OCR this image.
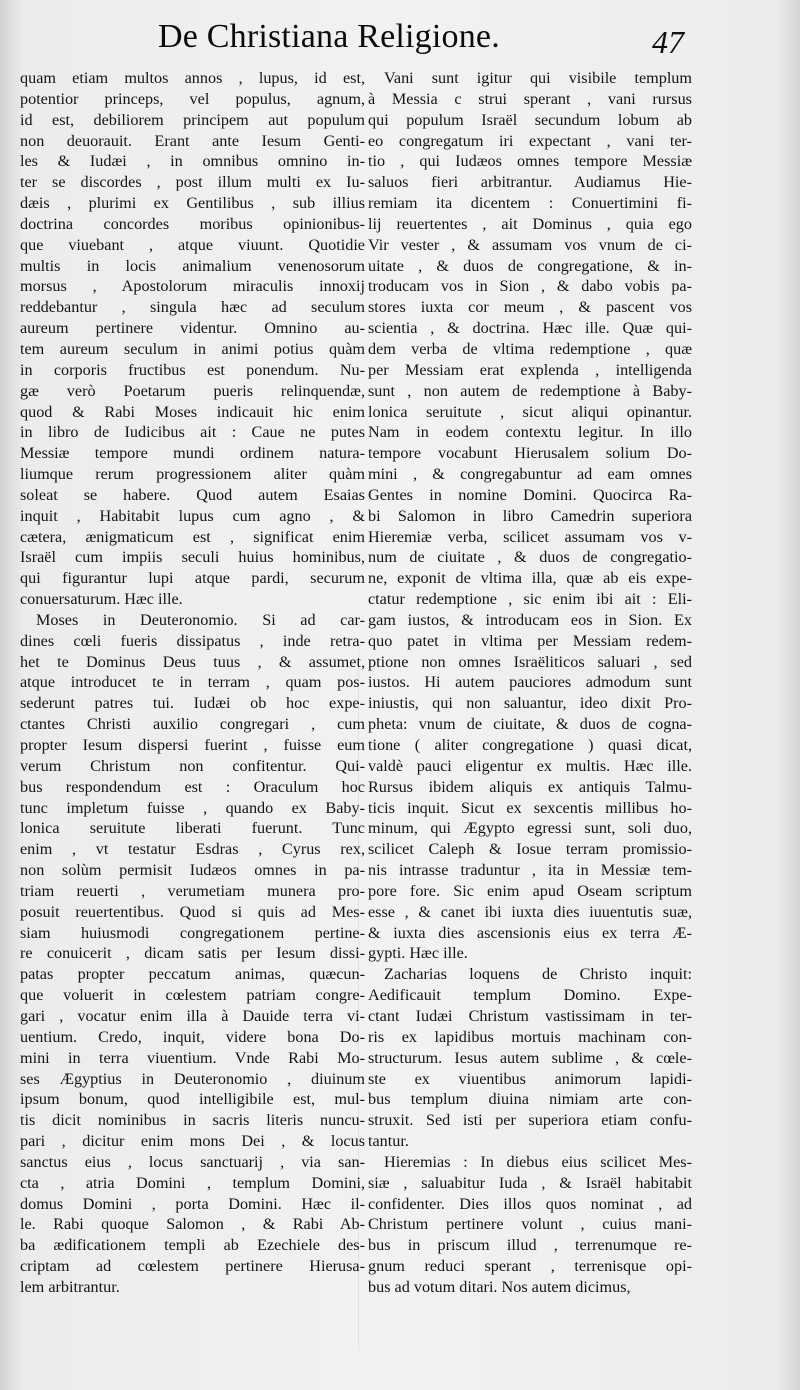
De Christiana Religione.	47
quam etiam multos annos , lupus, id est,
potentior princeps, vel populus, agnum,
id est, debiliorem principem aut populum
non deuorauit. Erant ante Iesum Genti-
les & Iudæi , in omnibus omnino in-
ter se discordes , post illum multi ex Iu-
dæis , plurimi ex Gentilibus , sub illius
doctrina concordes moribus opinionibus-
que viuebant , atque viuunt. Quotidie
multis in locis animalium venenosorum
morsus , Apostolorum miraculis innoxij
reddebantur , singula hæc ad seculum
aureum pertinere videntur. Omnino au-
tem aureum seculum in animi potius quàm
in corporis fructibus est ponendum. Nu-
gæ verò Poetarum pueris relinquendæ,
quod & Rabi Moses indicauit hic enim
in libro de Iudicibus ait : Caue ne putes
Messiæ tempore mundi ordinem natura-
liumque rerum progressionem aliter quàm
soleat se habere. Quod autem Esaias
inquit , Habitabit lupus cum agno , &
cætera, ænigmaticum est , significat enim
Israël cum impiis seculi huius hominibus,
qui figurantur lupi atque pardi, securum
conuersaturum. Hæc ille.
Moses in Deuteronomio. Si ad car-
dines cœli fueris dissipatus , inde retra-
het te Dominus Deus tuus , & assumet,
atque introducet te in terram , quam pos-
sederunt patres tui. Iudæi ob hoc expe-
ctantes Christi auxilio congregari , cum
propter Iesum dispersi fuerint , fuisse eum
verum Christum non confitentur. Qui-
bus respondendum est : Oraculum hoc
tunc impletum fuisse , quando ex Baby-
lonica seruitute liberati fuerunt. Tunc
enim , vt testatur Esdras , Cyrus rex,
non solùm permisit Iudæos omnes in pa-
triam reuerti , verumetiam munera pro-
posuit reuertentibus. Quod si quis ad Mes-
siam huiusmodi congregationem pertine-
re conuicerit , dicam satis per Iesum dissi-
patas propter peccatum animas, quæcun-
que voluerit in cœlestem patriam congre-
gari , vocatur enim illa à Dauide terra vi-
uentium. Credo, inquit, videre bona Do-
mini in terra viuentium. Vnde Rabi Mo-
ses Ægyptius in Deuteronomio , diuinum
ipsum bonum, quod intelligibile est, mul-
tis dicit nominibus in sacris literis nuncu-
pari , dicitur enim mons Dei , & locus
sanctus eius , locus sanctuarij , via san-
cta , atria Domini , templum Domini,
domus Domini , porta Domini. Hæc il-
le. Rabi quoque Salomon , & Rabi Ab-
ba ædificationem templi ab Ezechiele des-
criptam ad cœlestem pertinere Hierusa-
lem arbitrantur.
Vani sunt igitur qui visibile templum
à Messia c strui sperant , vani rursus
qui populum Israël secundum lobum ab
eo congregatum iri expectant , vani ter-
tio , qui Iudæos omnes tempore Messiæ
saluos fieri arbitrantur. Audiamus Hie-
remiam ita dicentem : Conuertimini fi-
lij reuertentes , ait Dominus , quia ego
Vir vester , & assumam vos vnum de ci-
uitate , & duos de congregatione, & in-
troducam vos in Sion , & dabo vobis pa-
stores iuxta cor meum , & pascent vos
scientia , & doctrina. Hæc ille. Quæ qui-
dem verba de vltima redemptione , quæ
per Messiam erat explenda , intelligenda
sunt , non autem de redemptione à Baby-
lonica seruitute , sicut aliqui opinantur.
Nam in eodem contextu legitur. In illo
tempore vocabunt Hierusalem solium Do-
mini , & congregabuntur ad eam omnes
Gentes in nomine Domini. Quocirca Ra-
bi Salomon in libro Camedrin superiora
Hieremiæ verba, scilicet assumam vos v-
num de ciuitate , & duos de congregatio-
ne, exponit de vltima illa, quæ ab eis expe-
ctatur redemptione , sic enim ibi ait : Eli-
gam iustos, & introducam eos in Sion. Ex
quo patet in vltima per Messiam redem-
ptione non omnes Israëliticos saluari , sed
iustos. Hi autem pauciores admodum sunt
iniustis, qui non saluantur, ideo dixit Pro-
pheta: vnum de ciuitate, & duos de cogna-
tione ( aliter congregatione ) quasi dicat,
valdè pauci eligentur ex multis. Hæc ille.
Rursus ibidem aliquis ex antiquis Talmu-
ticis inquit. Sicut ex sexcentis millibus ho-
minum, qui Ægypto egressi sunt, soli duo,
scilicet Caleph & Iosue terram promissio-
nis intrasse traduntur , ita in Messiæ tem-
pore fore. Sic enim apud Oseam scriptum
esse , & canet ibi iuxta dies iuuentutis suæ,
& iuxta dies ascensionis eius ex terra Æ-
gypti. Hæc ille.
Zacharias loquens de Christo inquit:
Aedificauit templum Domino. Expe-
ctant Iudæi Christum vastissimam in ter-
ris ex lapidibus mortuis machinam con-
structurum. Iesus autem sublime , & cœle-
ste ex viuentibus animorum lapidi-
bus templum diuina nimiam arte con-
struxit. Sed isti per superiora etiam confu-
tantur.
Hieremias : In diebus eius scilicet Mes-
siæ , saluabitur Iuda , & Israël habitabit
confidenter. Dies illos quos nominat , ad
Christum pertinere volunt , cuius mani-
bus in priscum illud , terrenumque re-
gnum reduci sperant , terrenisque opi-
bus ad votum ditari. Nos autem dicimus,
